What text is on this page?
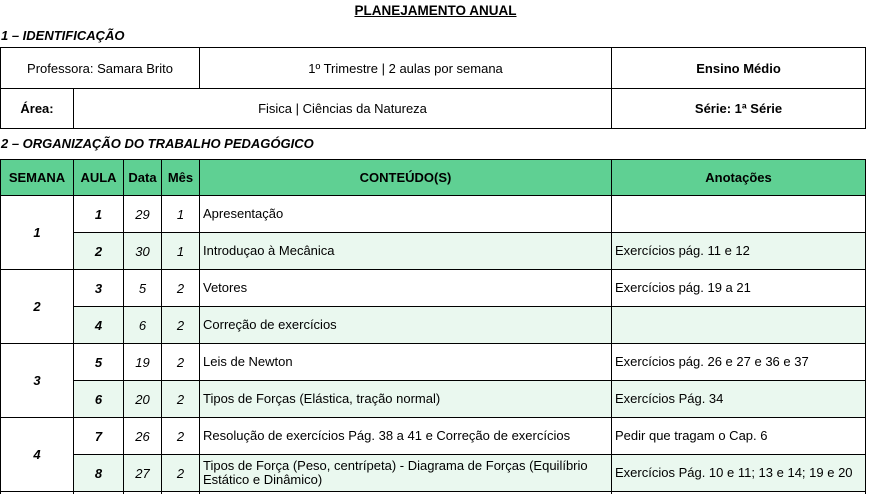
PLANEJAMENTO ANUAL
1 – IDENTIFICAÇÃO
Professora: Samara Brito		1º Trimestre | 2 aulas por semana	Ensino Médio
Área:	Fisica | Ciências da Natureza		Série: 1ª Série
2 – ORGANIZAÇÃO DO TRABALHO PEDAGÓGICO
SEMANA	AULA	Data	Mês	CONTEÚDO(S)	Anotações
1	1	29	1	Apresentação	
	2	30	1	Introduçao à Mecânica	Exercícios pág. 11 e 12
2	3	5	2	Vetores	Exercícios pág. 19 a 21
	4	6	2	Correção de exercícios	
3	5	19	2	Leis de Newton	Exercícios pág. 26 e 27 e 36 e 37
	6	20	2	Tipos de Forças (Elástica, tração normal)	Exercícios Pág. 34
4	7	26	2	Resolução de exercícios Pág. 38 a 41 e Correção de exercícios	Pedir que tragam o Cap. 6
	8	27	2	Tipos de Força (Peso, centrípeta) - Diagrama de Forças (Equilíbrio Estático e Dinâmico)	Exercícios Pág. 10 e 11; 13 e 14; 19 e 20
